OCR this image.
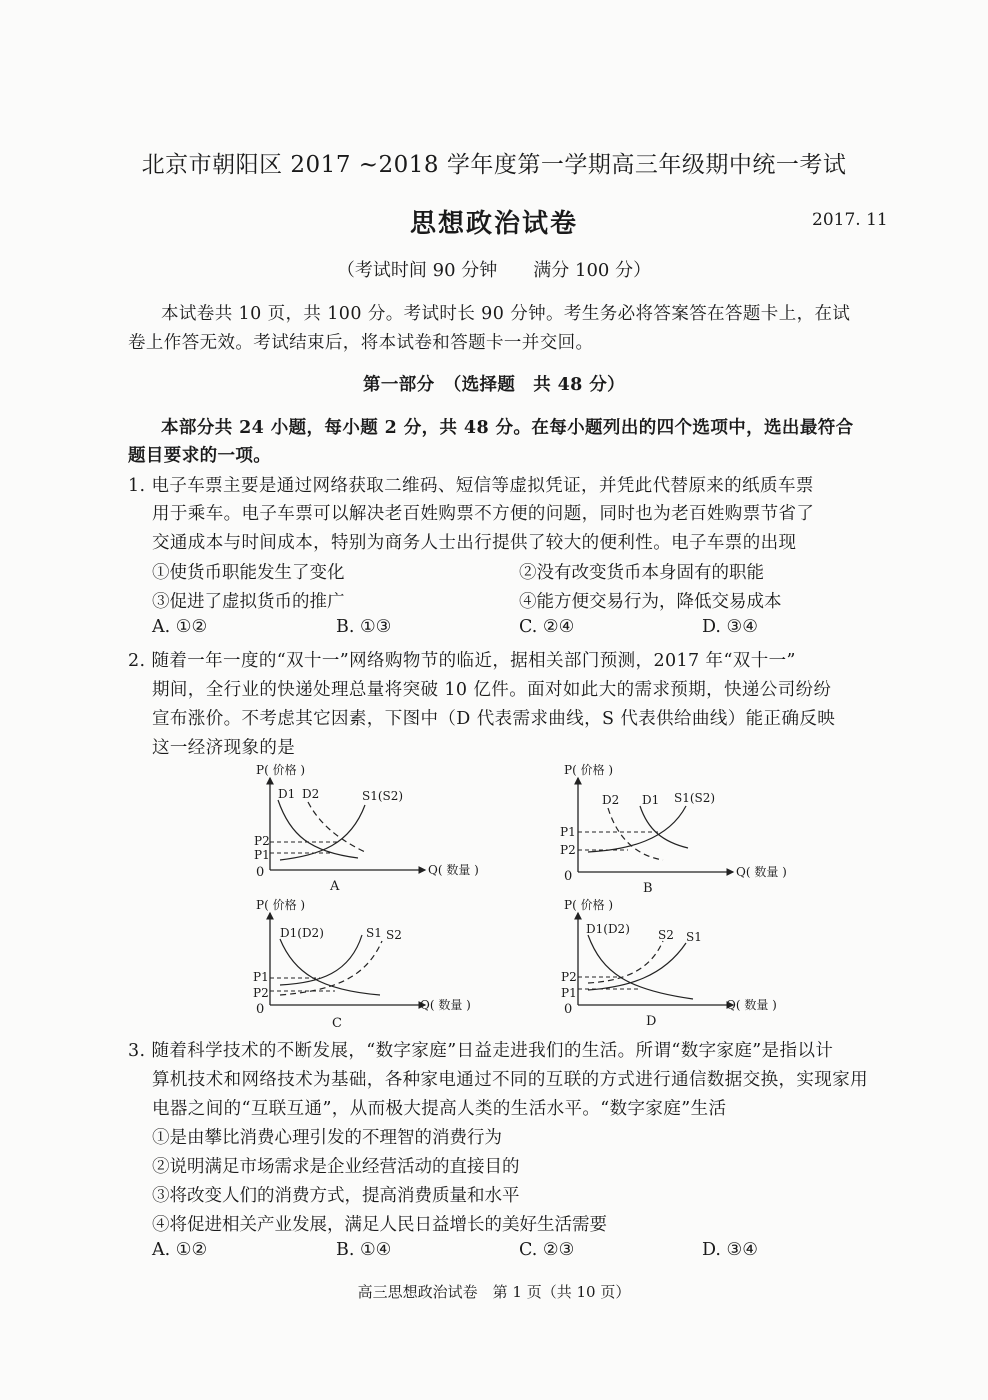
北京市朝阳区 2017 ~2018 学年度第一学期高三年级期中统一考试
思想政治试卷	2017. 11
（考试时间 90 分钟　　满分 100 分）
本试卷共 10 页，共 100 分。考试时长 90 分钟。考生务必将答案答在答题卡上，在试
卷上作答无效。考试结束后，将本试卷和答题卡一并交回。
第一部分　（选择题　共 48 分）
本部分共 24 小题，每小题 2 分，共 48 分。在每小题列出的四个选项中，选出最符合
题目要求的一项。
1. 电子车票主要是通过网络获取二维码、短信等虚拟凭证，并凭此代替原来的纸质车票
用于乘车。电子车票可以解决老百姓购票不方便的问题，同时也为老百姓购票节省了
交通成本与时间成本，特别为商务人士出行提供了较大的便利性。电子车票的出现
①使货币职能发生了变化	②没有改变货币本身固有的职能
③促进了虚拟货币的推广	④能方便交易行为，降低交易成本
A. ①②	B. ①③	C. ②④	D. ③④
2. 随着一年一度的“双十一”网络购物节的临近，据相关部门预测，2017 年“双十一”
期间，全行业的快递处理总量将突破 10 亿件。面对如此大的需求预期，快递公司纷纷
宣布涨价。不考虑其它因素，下图中（D 代表需求曲线，S 代表供给曲线）能正确反映
这一经济现象的是
P( 价格 )
Q( 数量 )
0
D1 D2	S1(S2)
P2
P1
A
P( 价格 )
Q( 数量 )
0
D2 D1 S1(S2)
P1
P2
B
P( 价格 )
Q( 数量 )
0
D1(D2)	S1 S2
P1
P2
C
P( 价格 )
Q( 数量 )
0
D1(D2) S2 S1
P2
P1
D
3. 随着科学技术的不断发展，“数字家庭”日益走进我们的生活。所谓“数字家庭”是指以计
算机技术和网络技术为基础，各种家电通过不同的互联的方式进行通信数据交换，实现家用
电器之间的“互联互通”，从而极大提高人类的生活水平。“数字家庭”生活
①是由攀比消费心理引发的不理智的消费行为
②说明满足市场需求是企业经营活动的直接目的
③将改变人们的消费方式，提高消费质量和水平
④将促进相关产业发展，满足人民日益增长的美好生活需要
A. ①②	B. ①④	C. ②③	D. ③④
高三思想政治试卷　第 1 页（共 10 页）
